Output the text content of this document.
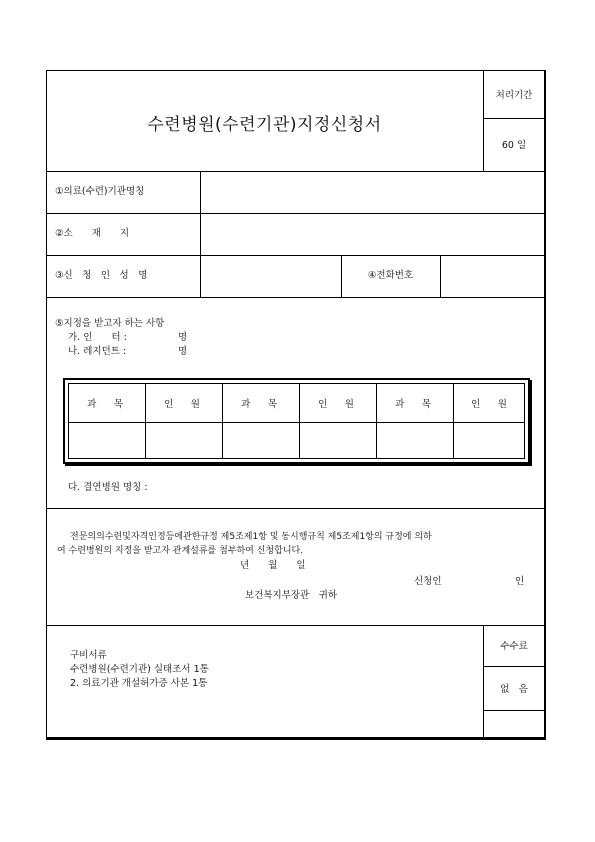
수련병원(수련기관)지정신청서
처리기간
60 일
①의료(수련)기관명칭
②소　　재　　지
③신　청　인　성　명	④전화번호
⑤지정을 받고자 하는 사항
가. 인　　터 :	명
나. 레지던트 :	명
과　목	인　원	과　목	인　원	과　목	인　원
다. 결연병원 명칭 :
전문의의수련및자격인정등에관한규정 제5조제1항 및 동시행규칙 제5조제1항의 규정에 의하
여 수련병원의 지정을 받고자 관계설류를 첨부하여 신청합니다.
년　　월　　일
신청인	인
보건복지부장관　귀하
수수료
없　음
구비서류
수련병원(수련기관) 실태조서 1통
2. 의료기관 개설허가증 사본 1통
